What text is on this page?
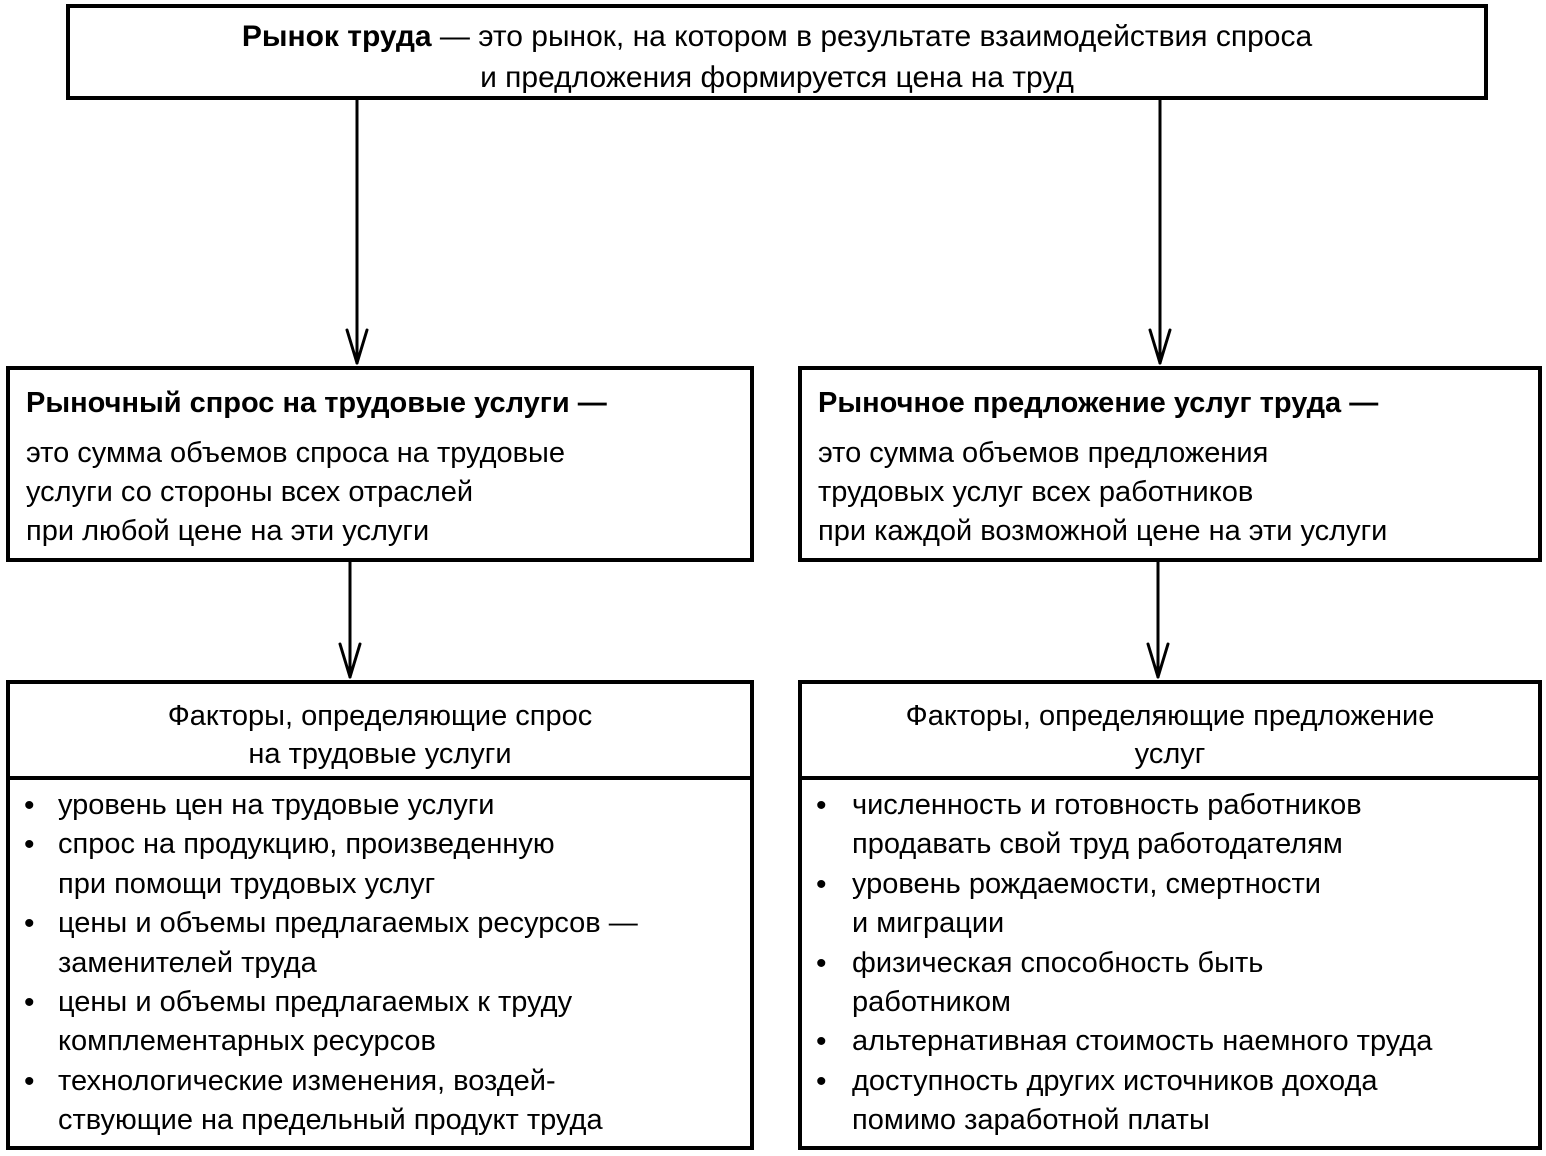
Рынок труда — это рынок, на котором в результате взаимодействия спроса
и предложения формируется цена на труд
Рыночный спрос на трудовые услуги —
это сумма объемов спроса на трудовые
услуги со стороны всех отраслей
при любой цене на эти услуги
Рыночное предложение услуг труда —
это сумма объемов предложения
трудовых услуг всех работников
при каждой возможной цене на эти услуги
Факторы, определяющие спрос
на трудовые услуги
• уровень цен на трудовые услуги
• спрос на продукцию, произведенную
при помощи трудовых услуг
• цены и объемы предлагаемых ресурсов —
заменителей труда
• цены и объемы предлагаемых к труду
комплементарных ресурсов
• технологические изменения, воздей-
ствующие на предельный продукт труда
Факторы, определяющие предложение
услуг
• численность и готовность работников
продавать свой труд работодателям
• уровень рождаемости, смертности
и миграции
• физическая способность быть
работником
• альтернативная стоимость наемного труда
• доступность других источников дохода
помимо заработной платы
